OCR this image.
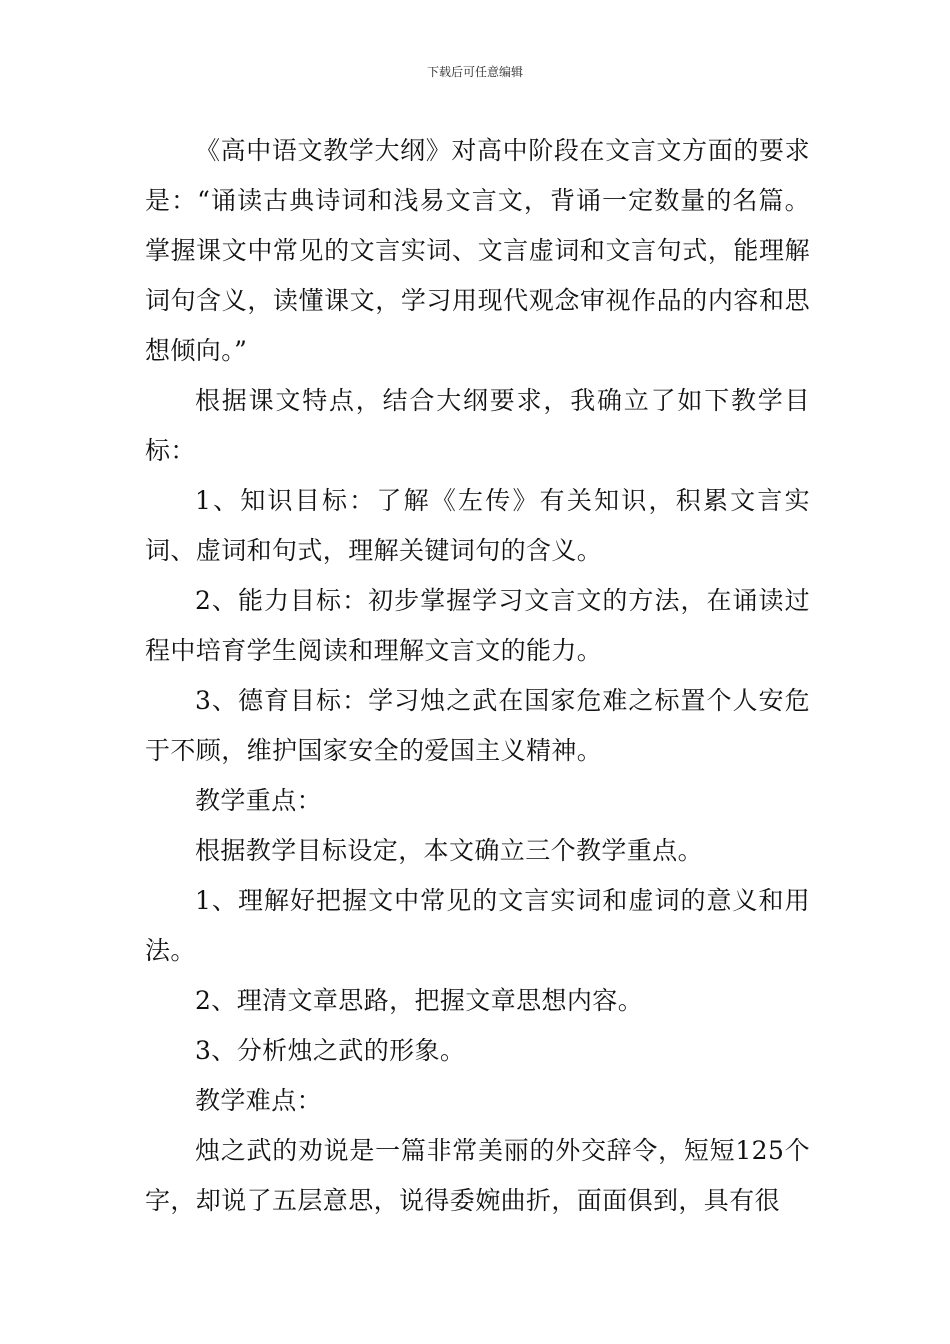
下载后可任意编辑

《高中语文教学大纲》对高中阶段在文言文方面的要求是：“诵读古典诗词和浅易文言文，背诵一定数量的名篇。掌握课文中常见的文言实词、文言虚词和文言句式，能理解词句含义，读懂课文，学习用现代观念审视作品的内容和思想倾向。”

根据课文特点，结合大纲要求，我确立了如下教学目标：

1、知识目标：了解《左传》有关知识，积累文言实词、虚词和句式，理解关键词句的含义。

2、能力目标：初步掌握学习文言文的方法，在诵读过程中培育学生阅读和理解文言文的能力。

3、德育目标：学习烛之武在国家危难之标置个人安危于不顾，维护国家安全的爱国主义精神。

教学重点：

根据教学目标设定，本文确立三个教学重点。

1、理解好把握文中常见的文言实词和虚词的意义和用法。

2、理清文章思路，把握文章思想内容。

3、分析烛之武的形象。

教学难点：

烛之武的劝说是一篇非常美丽的外交辞令，短短125个字，却说了五层意思，说得委婉曲折，面面俱到，具有很
